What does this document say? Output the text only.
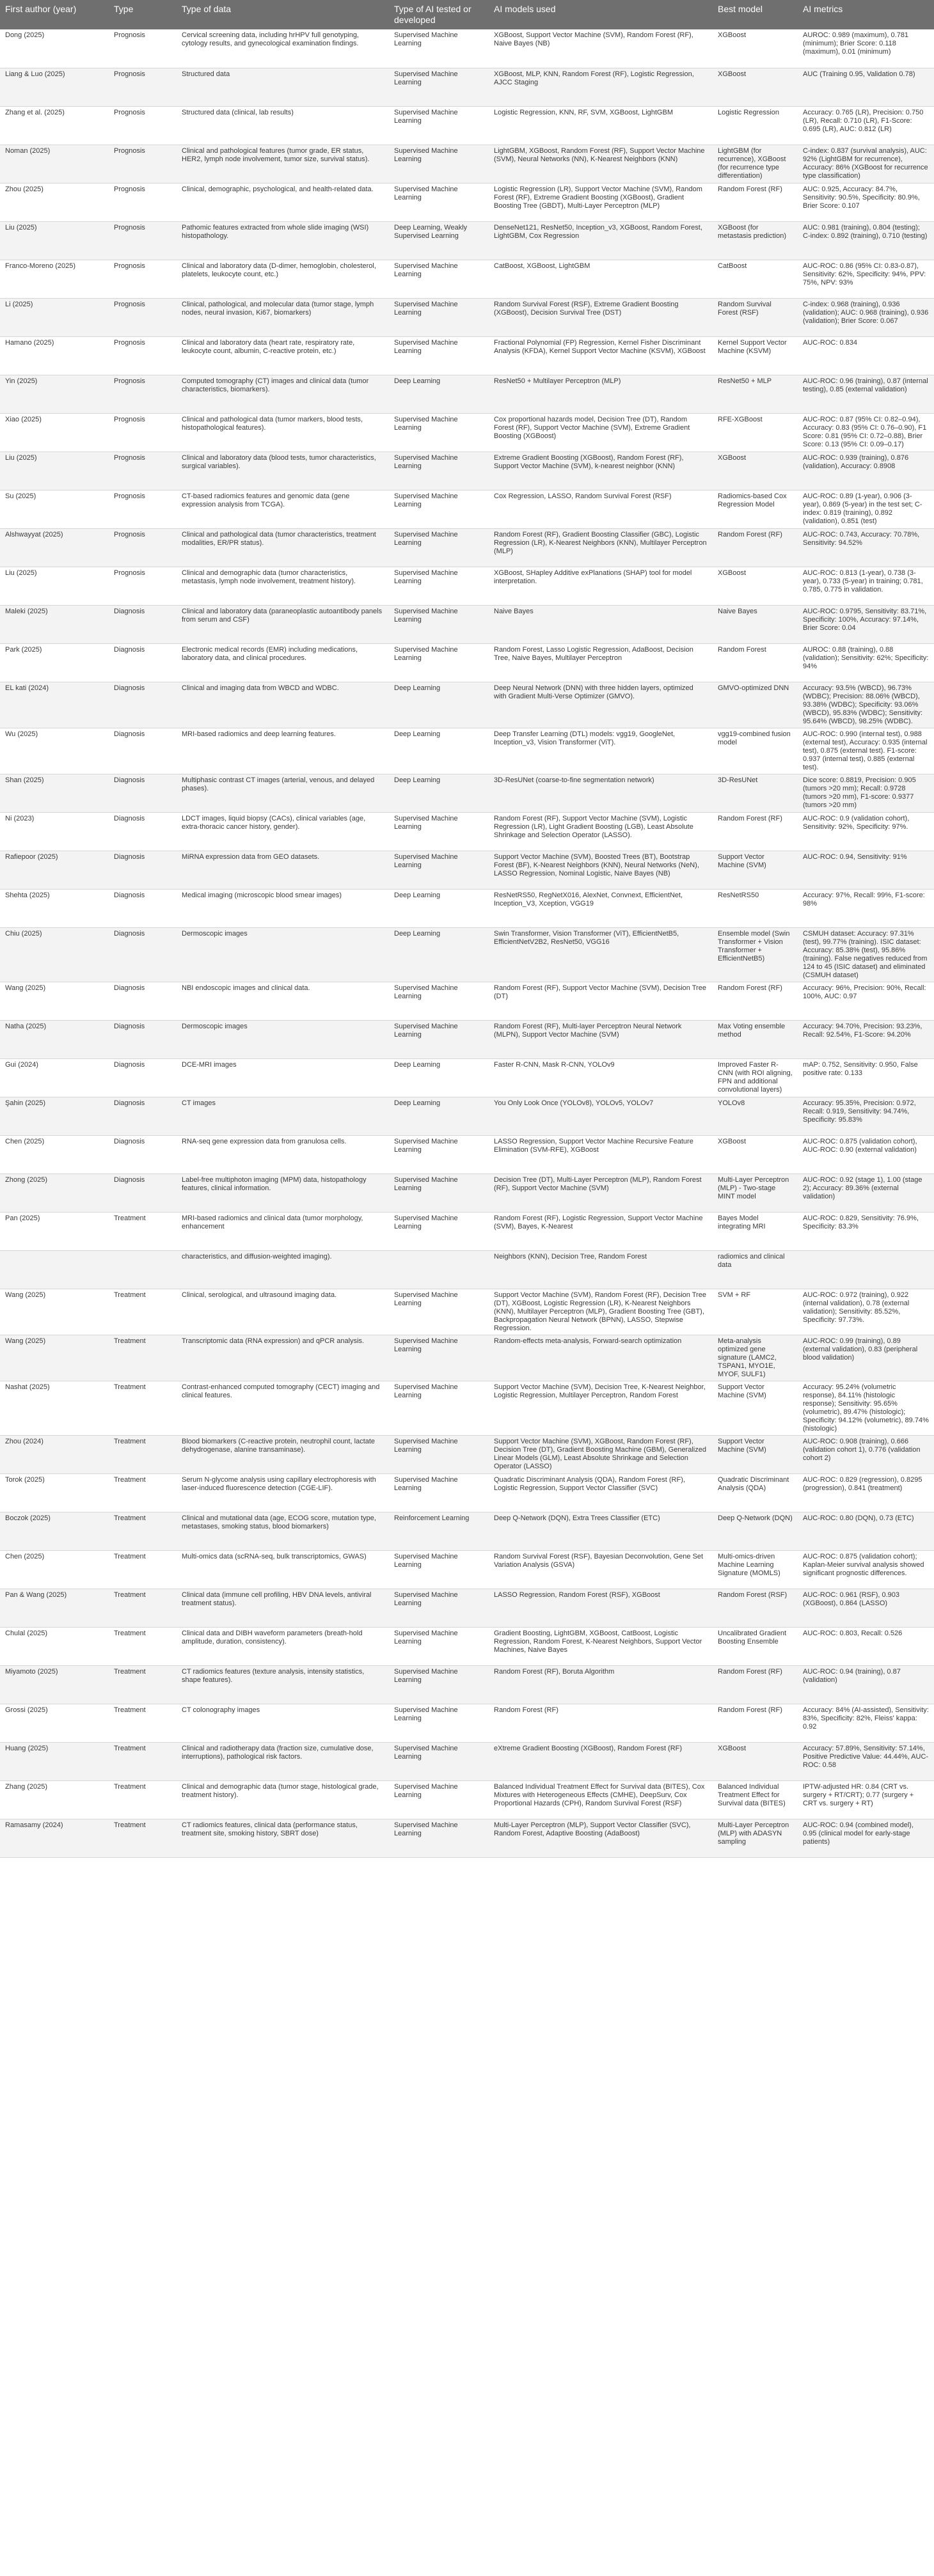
First author (year)	Type	Type of data	Type of AI tested or developed	AI models used	Best model	AI metrics
Dong (2025)	Prognosis	Cervical screening data, including hrHPV full genotyping, cytology results, and gynecological examination findings.	Supervised Machine Learning	XGBoost, Support Vector Machine (SVM), Random Forest (RF), Naive Bayes (NB)	XGBoost	AUROC: 0.989 (maximum), 0.781 (minimum); Brier Score: 0.118 (maximum), 0.01 (minimum)
Liang & Luo (2025)	Prognosis	Structured data	Supervised Machine Learning	XGBoost, MLP, KNN, Random Forest (RF), Logistic Regression, AJCC Staging	XGBoost	AUC (Training 0.95, Validation 0.78)
Zhang et al. (2025)	Prognosis	Structured data (clinical, lab results)	Supervised Machine Learning	Logistic Regression, KNN, RF, SVM, XGBoost, LightGBM	Logistic Regression	Accuracy: 0.765 (LR), Precision: 0.750 (LR), Recall: 0.710 (LR), F1-Score: 0.695 (LR), AUC: 0.812 (LR)
Noman (2025)	Prognosis	Clinical and pathological features (tumor grade, ER status, HER2, lymph node involvement, tumor size, survival status).	Supervised Machine Learning	LightGBM, XGBoost, Random Forest (RF), Support Vector Machine (SVM), Neural Networks (NN), K-Nearest Neighbors (KNN)	LightGBM (for recurrence), XGBoost (for recurrence type differentiation)	C-index: 0.837 (survival analysis), AUC: 92% (LightGBM for recurrence), Accuracy: 86% (XGBoost for recurrence type classification)
Zhou (2025)	Prognosis	Clinical, demographic, psychological, and health-related data.	Supervised Machine Learning	Logistic Regression (LR), Support Vector Machine (SVM), Random Forest (RF), Extreme Gradient Boosting (XGBoost), Gradient Boosting Tree (GBDT), Multi-Layer Perceptron (MLP)	Random Forest (RF)	AUC: 0.925, Accuracy: 84.7%, Sensitivity: 90.5%, Specificity: 80.9%, Brier Score: 0.107
Liu (2025)	Prognosis	Pathomic features extracted from whole slide imaging (WSI) histopathology.	Deep Learning, Weakly Supervised Learning	DenseNet121, ResNet50, Inception_v3, XGBoost, Random Forest, LightGBM, Cox Regression	XGBoost (for metastasis prediction)	AUC: 0.981 (training), 0.804 (testing); C-index: 0.892 (training), 0.710 (testing)
Franco-Moreno (2025)	Prognosis	Clinical and laboratory data (D-dimer, hemoglobin, cholesterol, platelets, leukocyte count, etc.)	Supervised Machine Learning	CatBoost, XGBoost, LightGBM	CatBoost	AUC-ROC: 0.86 (95% CI: 0.83-0.87), Sensitivity: 62%, Specificity: 94%, PPV: 75%, NPV: 93%
Li (2025)	Prognosis	Clinical, pathological, and molecular data (tumor stage, lymph nodes, neural invasion, Ki67, biomarkers)	Supervised Machine Learning	Random Survival Forest (RSF), Extreme Gradient Boosting (XGBoost), Decision Survival Tree (DST)	Random Survival Forest (RSF)	C-index: 0.968 (training), 0.936 (validation); AUC: 0.968 (training), 0.936 (validation); Brier Score: 0.067
Hamano (2025)	Prognosis	Clinical and laboratory data (heart rate, respiratory rate, leukocyte count, albumin, C-reactive protein, etc.)	Supervised Machine Learning	Fractional Polynomial (FP) Regression, Kernel Fisher Discriminant Analysis (KFDA), Kernel Support Vector Machine (KSVM), XGBoost	Kernel Support Vector Machine (KSVM)	AUC-ROC: 0.834
Yin (2025)	Prognosis	Computed tomography (CT) images and clinical data (tumor characteristics, biomarkers).	Deep Learning	ResNet50 + Multilayer Perceptron (MLP)	ResNet50 + MLP	AUC-ROC: 0.96 (training), 0.87 (internal testing), 0.85 (external validation)
Xiao (2025)	Prognosis	Clinical and pathological data (tumor markers, blood tests, histopathological features).	Supervised Machine Learning	Cox proportional hazards model, Decision Tree (DT), Random Forest (RF), Support Vector Machine (SVM), Extreme Gradient Boosting (XGBoost)	RFE-XGBoost	AUC-ROC: 0.87 (95% CI: 0.82–0.94), Accuracy: 0.83 (95% CI: 0.76–0.90), F1 Score: 0.81 (95% CI: 0.72–0.88), Brier Score: 0.13 (95% CI: 0.09–0.17)
Liu (2025)	Prognosis	Clinical and laboratory data (blood tests, tumor characteristics, surgical variables).	Supervised Machine Learning	Extreme Gradient Boosting (XGBoost), Random Forest (RF), Support Vector Machine (SVM), k-nearest neighbor (KNN)	XGBoost	AUC-ROC: 0.939 (training), 0.876 (validation), Accuracy: 0.8908
Su (2025)	Prognosis	CT-based radiomics features and genomic data (gene expression analysis from TCGA).	Supervised Machine Learning	Cox Regression, LASSO, Random Survival Forest (RSF)	Radiomics-based Cox Regression Model	AUC-ROC: 0.89 (1-year), 0.906 (3-year), 0.869 (5-year) in the test set; C-index: 0.819 (training), 0.892 (validation), 0.851 (test)
Alshwayyat (2025)	Prognosis	Clinical and pathological data (tumor characteristics, treatment modalities, ER/PR status).	Supervised Machine Learning	Random Forest (RF), Gradient Boosting Classifier (GBC), Logistic Regression (LR), K-Nearest Neighbors (KNN), Multilayer Perceptron (MLP)	Random Forest (RF)	AUC-ROC: 0.743, Accuracy: 70.78%, Sensitivity: 94.52%
Liu (2025)	Prognosis	Clinical and demographic data (tumor characteristics, metastasis, lymph node involvement, treatment history).	Supervised Machine Learning	XGBoost, SHapley Additive exPlanations (SHAP) tool for model interpretation.	XGBoost	AUC-ROC: 0.813 (1-year), 0.738 (3-year), 0.733 (5-year) in training; 0.781, 0.785, 0.775 in validation.
Maleki (2025)	Diagnosis	Clinical and laboratory data (paraneoplastic autoantibody panels from serum and CSF)	Supervised Machine Learning	Naive Bayes	Naive Bayes	AUC-ROC: 0.9795, Sensitivity: 83.71%, Specificity: 100%, Accuracy: 97.14%, Brier Score: 0.04
Park (2025)	Diagnosis	Electronic medical records (EMR) including medications, laboratory data, and clinical procedures.	Supervised Machine Learning	Random Forest, Lasso Logistic Regression, AdaBoost, Decision Tree, Naive Bayes, Multilayer Perceptron	Random Forest	AUROC: 0.88 (training), 0.88 (validation); Sensitivity: 62%; Specificity: 94%
EL kati (2024)	Diagnosis	Clinical and imaging data from WBCD and WDBC.	Deep Learning	Deep Neural Network (DNN) with three hidden layers, optimized with Gradient Multi-Verse Optimizer (GMVO).	GMVO-optimized DNN	Accuracy: 93.5% (WBCD), 96.73% (WDBC); Precision: 88.06% (WBCD), 93.38% (WDBC); Specificity: 93.06% (WBCD), 95.83% (WDBC); Sensitivity: 95.64% (WBCD), 98.25% (WDBC).
Wu (2025)	Diagnosis	MRI-based radiomics and deep learning features.	Deep Learning	Deep Transfer Learning (DTL) models: vgg19, GoogleNet, Inception_v3, Vision Transformer (ViT).	vgg19-combined fusion model	AUC-ROC: 0.990 (internal test), 0.988 (external test), Accuracy: 0.935 (internal test), 0.875 (external test). F1-score: 0.937 (internal test), 0.885 (external test).
Shan (2025)	Diagnosis	Multiphasic contrast CT images (arterial, venous, and delayed phases).	Deep Learning	3D-ResUNet (coarse-to-fine segmentation network)	3D-ResUNet	Dice score: 0.8819, Precision: 0.905 (tumors >20 mm); Recall: 0.9728 (tumors >20 mm), F1-score: 0.9377 (tumors >20 mm)
Ni (2023)	Diagnosis	LDCT images, liquid biopsy (CACs), clinical variables (age, extra-thoracic cancer history, gender).	Supervised Machine Learning	Random Forest (RF), Support Vector Machine (SVM), Logistic Regression (LR), Light Gradient Boosting (LGB), Least Absolute Shrinkage and Selection Operator (LASSO).	Random Forest (RF)	AUC-ROC: 0.9 (validation cohort), Sensitivity: 92%, Specificity: 97%.
Rafiepoor (2025)	Diagnosis	MiRNA expression data from GEO datasets.	Supervised Machine Learning	Support Vector Machine (SVM), Boosted Trees (BT), Bootstrap Forest (BF), K-Nearest Neighbors (KNN), Neural Networks (NeN), LASSO Regression, Nominal Logistic, Naive Bayes (NB)	Support Vector Machine (SVM)	AUC-ROC: 0.94, Sensitivity: 91%
Shehta (2025)	Diagnosis	Medical imaging (microscopic blood smear images)	Deep Learning	ResNetRS50, RegNetX016, AlexNet, Convnext, EfficientNet, Inception_V3, Xception, VGG19	ResNetRS50	Accuracy: 97%, Recall: 99%, F1-score: 98%
Chiu (2025)	Diagnosis	Dermoscopic images	Deep Learning	Swin Transformer, Vision Transformer (ViT), EfficientNetB5, EfficientNetV2B2, ResNet50, VGG16	Ensemble model (Swin Transformer + Vision Transformer + EfficientNetB5)	CSMUH dataset: Accuracy: 97.31% (test), 99.77% (training). ISIC dataset: Accuracy: 85.38% (test), 95.86% (training). False negatives reduced from 124 to 45 (ISIC dataset) and eliminated (CSMUH dataset)
Wang (2025)	Diagnosis	NBI endoscopic images and clinical data.	Supervised Machine Learning	Random Forest (RF), Support Vector Machine (SVM), Decision Tree (DT)	Random Forest (RF)	Accuracy: 96%, Precision: 90%, Recall: 100%, AUC: 0.97
Natha (2025)	Diagnosis	Dermoscopic images	Supervised Machine Learning	Random Forest (RF), Multi-layer Perceptron Neural Network (MLPN), Support Vector Machine (SVM)	Max Voting ensemble method	Accuracy: 94.70%, Precision: 93.23%, Recall: 92.54%, F1-Score: 94.20%
Gui (2024)	Diagnosis	DCE-MRI images	Deep Learning	Faster R-CNN, Mask R-CNN, YOLOv9	Improved Faster R-CNN (with ROI aligning, FPN and additional convolutional layers)	mAP: 0.752, Sensitivity: 0.950, False positive rate: 0.133
Şahin (2025)	Diagnosis	CT images	Deep Learning	You Only Look Once (YOLOv8), YOLOv5, YOLOv7	YOLOv8	Accuracy: 95.35%, Precision: 0.972, Recall: 0.919, Sensitivity: 94.74%, Specificity: 95.83%
Chen (2025)	Diagnosis	RNA-seq gene expression data from granulosa cells.	Supervised Machine Learning	LASSO Regression, Support Vector Machine Recursive Feature Elimination (SVM-RFE), XGBoost	XGBoost	AUC-ROC: 0.875 (validation cohort), AUC-ROC: 0.90 (external validation)
Zhong (2025)	Diagnosis	Label-free multiphoton imaging (MPM) data, histopathology features, clinical information.	Supervised Machine Learning	Decision Tree (DT), Multi-Layer Perceptron (MLP), Random Forest (RF), Support Vector Machine (SVM)	Multi-Layer Perceptron (MLP) - Two-stage MINT model	AUC-ROC: 0.92 (stage 1), 1.00 (stage 2); Accuracy: 89.36% (external validation)
Pan (2025)	Treatment	MRI-based radiomics and clinical data (tumor morphology, enhancement	Supervised Machine Learning	Random Forest (RF), Logistic Regression, Support Vector Machine (SVM), Bayes, K-Nearest	Bayes Model integrating MRI	AUC-ROC: 0.829, Sensitivity: 76.9%, Specificity: 83.3%
		characteristics, and diffusion-weighted imaging).		Neighbors (KNN), Decision Tree, Random Forest	radiomics and clinical data	
Wang (2025)	Treatment	Clinical, serological, and ultrasound imaging data.	Supervised Machine Learning	Support Vector Machine (SVM), Random Forest (RF), Decision Tree (DT), XGBoost, Logistic Regression (LR), K-Nearest Neighbors (KNN), Multilayer Perceptron (MLP), Gradient Boosting Tree (GBT), Backpropagation Neural Network (BPNN), LASSO, Stepwise Regression.	SVM + RF	AUC-ROC: 0.972 (training), 0.922 (internal validation), 0.78 (external validation); Sensitivity: 85.52%, Specificity: 97.73%.
Wang (2025)	Treatment	Transcriptomic data (RNA expression) and qPCR analysis.	Supervised Machine Learning	Random-effects meta-analysis, Forward-search optimization	Meta-analysis optimized gene signature (LAMC2, TSPAN1, MYO1E, MYOF, SULF1)	AUC-ROC: 0.99 (training), 0.89 (external validation), 0.83 (peripheral blood validation)
Nashat (2025)	Treatment	Contrast-enhanced computed tomography (CECT) imaging and clinical features.	Supervised Machine Learning	Support Vector Machine (SVM), Decision Tree, K-Nearest Neighbor, Logistic Regression, Multilayer Perceptron, Random Forest	Support Vector Machine (SVM)	Accuracy: 95.24% (volumetric response), 84.11% (histologic response); Sensitivity: 95.65% (volumetric), 89.47% (histologic); Specificity: 94.12% (volumetric), 89.74% (histologic)
Zhou (2024)	Treatment	Blood biomarkers (C-reactive protein, neutrophil count, lactate dehydrogenase, alanine transaminase).	Supervised Machine Learning	Support Vector Machine (SVM), XGBoost, Random Forest (RF), Decision Tree (DT), Gradient Boosting Machine (GBM), Generalized Linear Models (GLM), Least Absolute Shrinkage and Selection Operator (LASSO)	Support Vector Machine (SVM)	AUC-ROC: 0.908 (training), 0.666 (validation cohort 1), 0.776 (validation cohort 2)
Torok (2025)	Treatment	Serum N-glycome analysis using capillary electrophoresis with laser-induced fluorescence detection (CGE-LIF).	Supervised Machine Learning	Quadratic Discriminant Analysis (QDA), Random Forest (RF), Logistic Regression, Support Vector Classifier (SVC)	Quadratic Discriminant Analysis (QDA)	AUC-ROC: 0.829 (regression), 0.8295 (progression), 0.841 (treatment)
Boczok (2025)	Treatment	Clinical and mutational data (age, ECOG score, mutation type, metastases, smoking status, blood biomarkers)	Reinforcement Learning	Deep Q-Network (DQN), Extra Trees Classifier (ETC)	Deep Q-Network (DQN)	AUC-ROC: 0.80 (DQN), 0.73 (ETC)
Chen (2025)	Treatment	Multi-omics data (scRNA-seq, bulk transcriptomics, GWAS)	Supervised Machine Learning	Random Survival Forest (RSF), Bayesian Deconvolution, Gene Set Variation Analysis (GSVA)	Multi-omics-driven Machine Learning Signature (MOMLS)	AUC-ROC: 0.875 (validation cohort); Kaplan-Meier survival analysis showed significant prognostic differences.
Pan & Wang (2025)	Treatment	Clinical data (immune cell profiling, HBV DNA levels, antiviral treatment status).	Supervised Machine Learning	LASSO Regression, Random Forest (RSF), XGBoost	Random Forest (RSF)	AUC-ROC: 0.961 (RSF), 0.903 (XGBoost), 0.864 (LASSO)
Chulal (2025)	Treatment	Clinical data and DIBH waveform parameters (breath-hold amplitude, duration, consistency).	Supervised Machine Learning	Gradient Boosting, LightGBM, XGBoost, CatBoost, Logistic Regression, Random Forest, K-Nearest Neighbors, Support Vector Machines, Naive Bayes	Uncalibrated Gradient Boosting Ensemble	AUC-ROC: 0.803, Recall: 0.526
Miyamoto (2025)	Treatment	CT radiomics features (texture analysis, intensity statistics, shape features).	Supervised Machine Learning	Random Forest (RF), Boruta Algorithm	Random Forest (RF)	AUC-ROC: 0.94 (training), 0.87 (validation)
Grossi (2025)	Treatment	CT colonography images	Supervised Machine Learning	Random Forest (RF)	Random Forest (RF)	Accuracy: 84% (AI-assisted), Sensitivity: 83%, Specificity: 82%, Fleiss' kappa: 0.92
Huang (2025)	Treatment	Clinical and radiotherapy data (fraction size, cumulative dose, interruptions), pathological risk factors.	Supervised Machine Learning	eXtreme Gradient Boosting (XGBoost), Random Forest (RF)	XGBoost	Accuracy: 57.89%, Sensitivity: 57.14%, Positive Predictive Value: 44.44%, AUC-ROC: 0.58
Zhang (2025)	Treatment	Clinical and demographic data (tumor stage, histological grade, treatment history).	Supervised Machine Learning	Balanced Individual Treatment Effect for Survival data (BITES), Cox Mixtures with Heterogeneous Effects (CMHE), DeepSurv, Cox Proportional Hazards (CPH), Random Survival Forest (RSF)	Balanced Individual Treatment Effect for Survival data (BITES)	IPTW-adjusted HR: 0.84 (CRT vs. surgery + RT/CRT); 0.77 (surgery + CRT vs. surgery + RT)
Ramasamy (2024)	Treatment	CT radiomics features, clinical data (performance status, treatment site, smoking history, SBRT dose)	Supervised Machine Learning	Multi-Layer Perceptron (MLP), Support Vector Classifier (SVC), Random Forest, Adaptive Boosting (AdaBoost)	Multi-Layer Perceptron (MLP) with ADASYN sampling	AUC-ROC: 0.94 (combined model), 0.95 (clinical model for early-stage patients)
